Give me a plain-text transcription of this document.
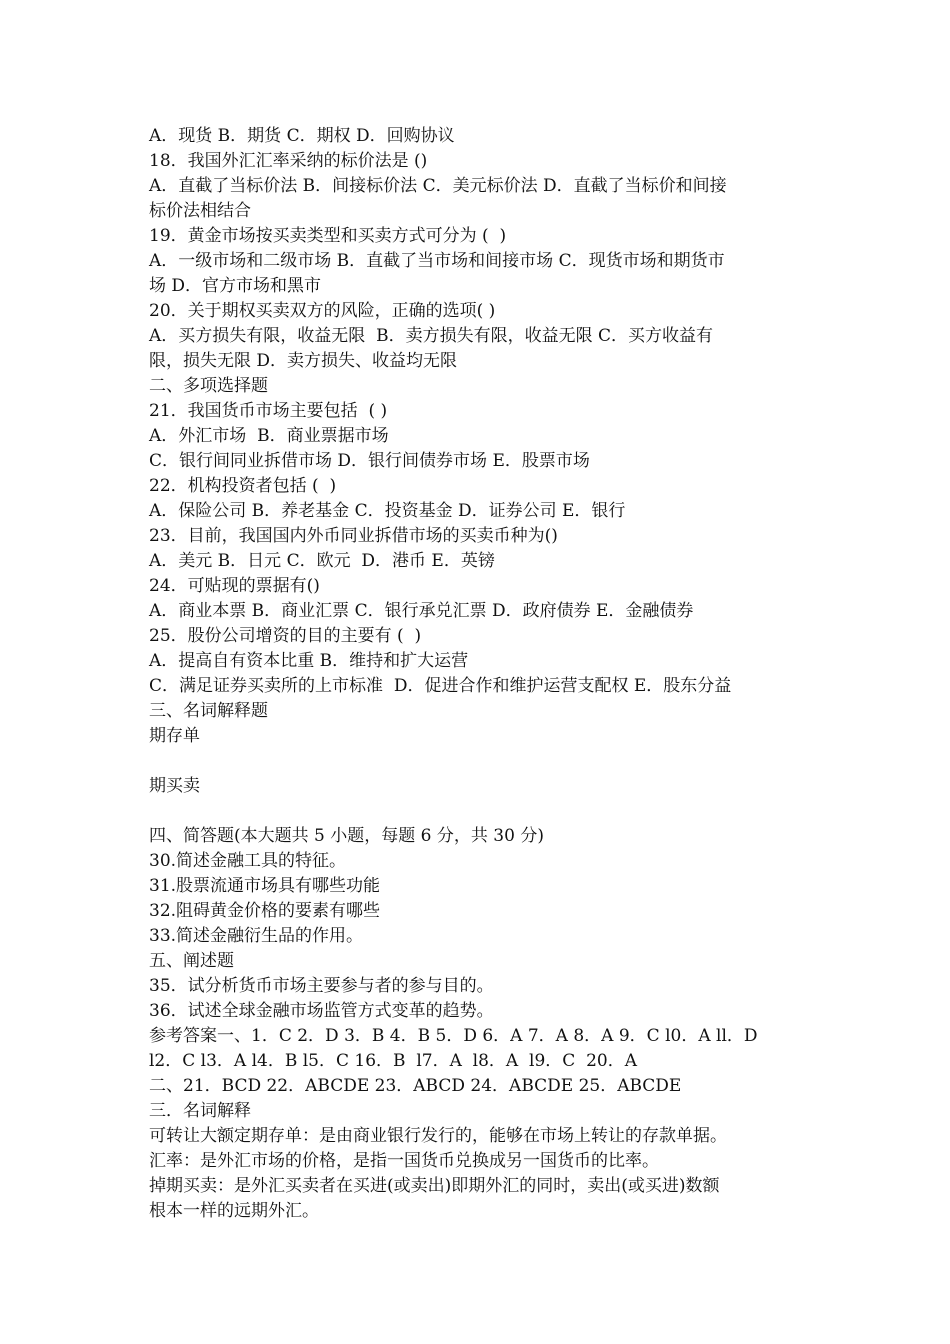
A．现货 B．期货 C．期权 D．回购协议
18．我国外汇汇率采纳的标价法是 ()
A．直截了当标价法 B．间接标价法 C．美元标价法 D．直截了当标价和间接
标价法相结合
19．黄金市场按买卖类型和买卖方式可分为 (  )
A．一级市场和二级市场 B．直截了当市场和间接市场 C．现货市场和期货市
场 D．官方市场和黑市
20．关于期权买卖双方的风险，正确的选项( )
A．买方损失有限，收益无限  B．卖方损失有限，收益无限 C．买方收益有
限，损失无限 D．卖方损失、收益均无限
二、多项选择题
21．我国货币市场主要包括  ( )
A．外汇市场  B．商业票据市场
C．银行间同业拆借市场 D．银行间债券市场 E．股票市场
22．机构投资者包括 (  )
A．保险公司 B．养老基金 C．投资基金 D．证券公司 E．银行
23．目前，我国国内外币同业拆借市场的买卖币种为()
A．美元 B．日元 C．欧元  D．港币 E．英镑
24．可贴现的票据有()
A．商业本票 B．商业汇票 C．银行承兑汇票 D．政府债券 E．金融债券
25．股份公司增资的目的主要有 (  )
A．提高自有资本比重 B．维持和扩大运营
C．满足证券买卖所的上市标准  D．促进合作和维护运营支配权 E．股东分益
三、名词解释题
期存单
期买卖
四、简答题(本大题共 5 小题，每题 6 分，共 30 分)
30.简述金融工具的特征。
31.股票流通市场具有哪些功能
32.阻碍黄金价格的要素有哪些
33.简述金融衍生品的作用。
五、阐述题
35．试分析货币市场主要参与者的参与目的。
36．试述全球金融市场监管方式变革的趋势。
参考答案一、1．C 2．D 3．B 4．B 5．D 6．A 7．A 8．A 9．C l0．A ll．D
l2．C l3．A l4．B l5．C 16．B  l7．A  l8．A  l9．C  20．A
二、21．BCD 22．ABCDE 23．ABCD 24．ABCDE 25．ABCDE
三．名词解释
可转让大额定期存单：是由商业银行发行的，能够在市场上转让的存款单据。
汇率：是外汇市场的价格，是指一国货币兑换成另一国货币的比率。
掉期买卖：是外汇买卖者在买进(或卖出)即期外汇的同时，卖出(或买进)数额
根本一样的远期外汇。
